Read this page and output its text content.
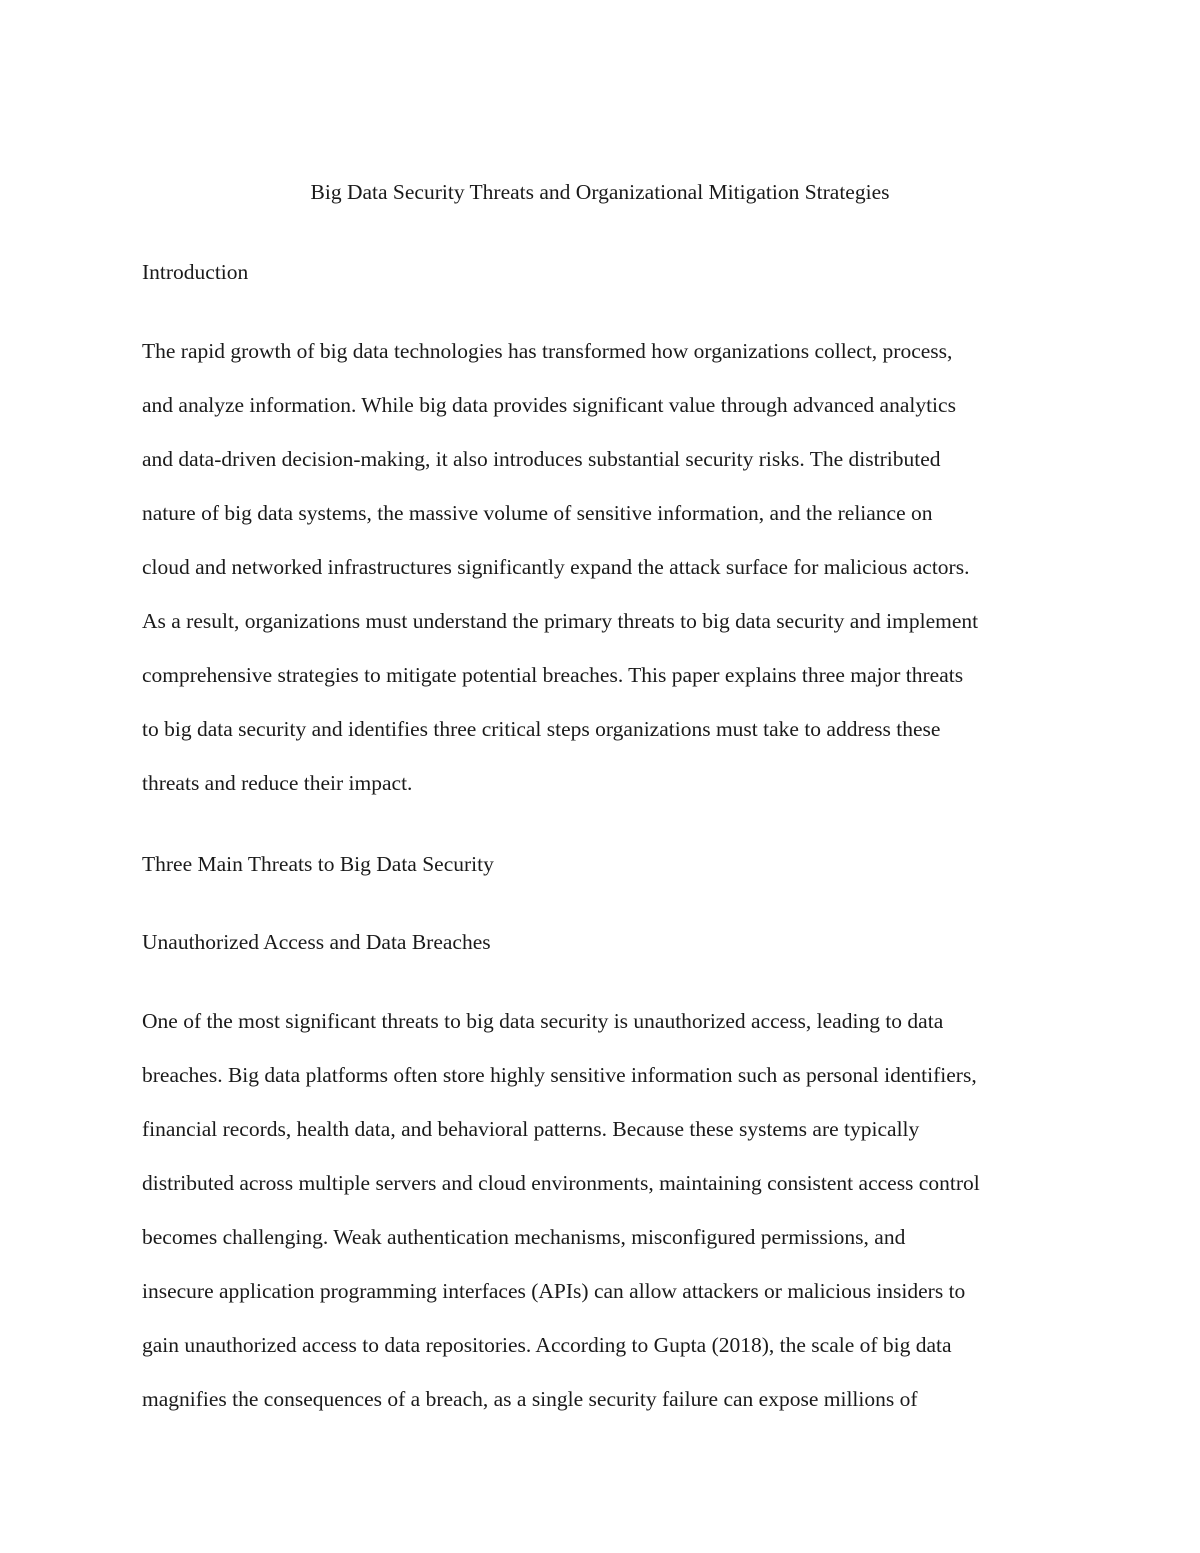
Big Data Security Threats and Organizational Mitigation Strategies
Introduction
The rapid growth of big data technologies has transformed how organizations collect, process,
and analyze information. While big data provides significant value through advanced analytics
and data-driven decision-making, it also introduces substantial security risks. The distributed
nature of big data systems, the massive volume of sensitive information, and the reliance on
cloud and networked infrastructures significantly expand the attack surface for malicious actors.
As a result, organizations must understand the primary threats to big data security and implement
comprehensive strategies to mitigate potential breaches. This paper explains three major threats
to big data security and identifies three critical steps organizations must take to address these
threats and reduce their impact.
Three Main Threats to Big Data Security
Unauthorized Access and Data Breaches
One of the most significant threats to big data security is unauthorized access, leading to data
breaches. Big data platforms often store highly sensitive information such as personal identifiers,
financial records, health data, and behavioral patterns. Because these systems are typically
distributed across multiple servers and cloud environments, maintaining consistent access control
becomes challenging. Weak authentication mechanisms, misconfigured permissions, and
insecure application programming interfaces (APIs) can allow attackers or malicious insiders to
gain unauthorized access to data repositories. According to Gupta (2018), the scale of big data
magnifies the consequences of a breach, as a single security failure can expose millions of
